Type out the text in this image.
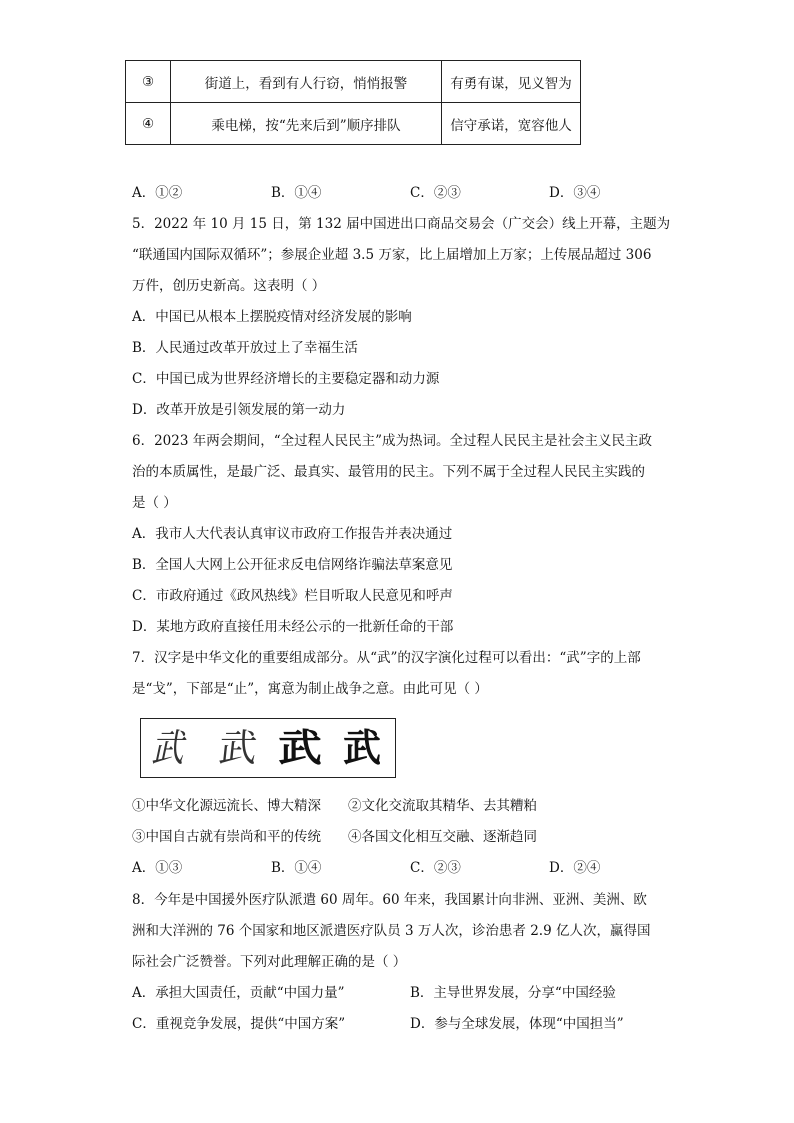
③	街道上，看到有人行窃，悄悄报警	有勇有谋，见义智为
④	乘电梯，按“先来后到”顺序排队	信守承诺，宽容他人
A．①②	B．①④	C．②③	D．③④
5．2022 年 10 月 15 日，第 132 届中国进出口商品交易会（广交会）线上开幕，主题为
“联通国内国际双循环”；参展企业超 3.5 万家，比上届增加上万家；上传展品超过 306
万件，创历史新高。这表明（ ）
A．中国已从根本上摆脱疫情对经济发展的影响
B．人民通过改革开放过上了幸福生活
C．中国已成为世界经济增长的主要稳定器和动力源
D．改革开放是引领发展的第一动力
6．2023 年两会期间，“全过程人民民主”成为热词。全过程人民民主是社会主义民主政
治的本质属性，是最广泛、最真实、最管用的民主。下列不属于全过程人民民主实践的
是（ ）
A．我市人大代表认真审议市政府工作报告并表决通过
B．全国人大网上公开征求反电信网络诈骗法草案意见
C．市政府通过《政风热线》栏目听取人民意见和呼声
D．某地方政府直接任用未经公示的一批新任命的干部
7．汉字是中华文化的重要组成部分。从“武”的汉字演化过程可以看出：“武”字的上部
是“戈”，下部是“止”，寓意为制止战争之意。由此可见（ ）
武 武 武 武
①中华文化源远流长、博大精深 ②文化交流取其精华、去其糟粕
③中国自古就有崇尚和平的传统 ④各国文化相互交融、逐渐趋同
A．①③	B．①④	C．②③	D．②④
8．今年是中国援外医疗队派遣 60 周年。60 年来，我国累计向非洲、亚洲、美洲、欧
洲和大洋洲的 76 个国家和地区派遣医疗队员 3 万人次，诊治患者 2.9 亿人次，赢得国
际社会广泛赞誉。下列对此理解正确的是（ ）
A．承担大国责任，贡献“中国力量”	B．主导世界发展，分享“中国经验
C．重视竞争发展，提供“中国方案”	D．参与全球发展，体现“中国担当”
